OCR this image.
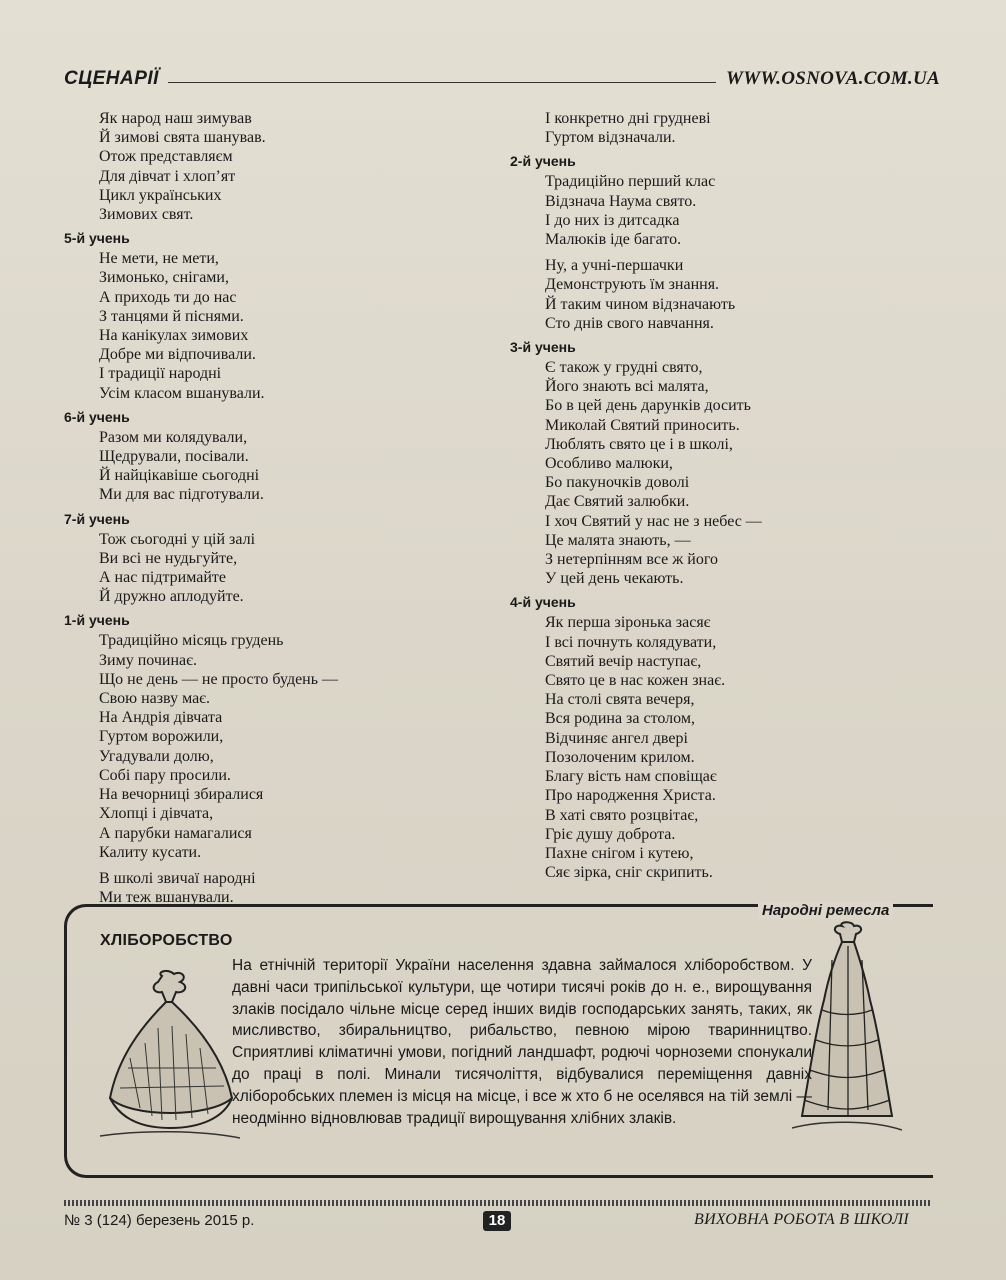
СЦЕНАРІЇ	WWW.OSNOVA.COM.UA
Як народ наш зимував
Й зимові свята шанував.
Отож представляєм
Для дівчат і хлоп’ят
Цикл українських
Зимових свят.
5-й учень
Не мети, не мети,
Зимонько, снігами,
А приходь ти до нас
З танцями й піснями.
На канікулах зимових
Добре ми відпочивали.
І традиції народні
Усім класом вшанували.
6-й учень
Разом ми колядували,
Щедрували, посівали.
Й найцікавіше сьогодні
Ми для вас підготували.
7-й учень
Тож сьогодні у цій залі
Ви всі не нудьгуйте,
А нас підтримайте
Й дружно аплодуйте.
1-й учень
Традиційно місяць грудень
Зиму починає.
Що не день — не просто будень —
Свою назву має.
На Андрія дівчата
Гуртом ворожили,
Угадували долю,
Собі пару просили.
На вечорниці збиралися
Хлопці і дівчата,
А парубки намагалися
Калиту кусати.
В школі звичаї народні
Ми теж вшанували.
І конкретно дні грудневі
Гуртом відзначали.
2-й учень
Традиційно перший клас
Відзнача Наума свято.
І до них із дитсадка
Малюків іде багато.
Ну, а учні-першачки
Демонструють їм знання.
Й таким чином відзначають
Сто днів свого навчання.
3-й учень
Є також у грудні свято,
Його знають всі малята,
Бо в цей день дарунків досить
Миколай Святий приносить.
Люблять свято це і в школі,
Особливо малюки,
Бо пакуночків доволі
Дає Святий залюбки.
І хоч Святий у нас не з небес —
Це малята знають, —
З нетерпінням все ж його
У цей день чекають.
4-й учень
Як перша зіронька засяє
І всі почнуть колядувати,
Святий вечір наступає,
Свято це в нас кожен знає.
На столі свята вечеря,
Вся родина за столом,
Відчиняє ангел двері
Позолоченим крилом.
Благу вість нам сповіщає
Про народження Христа.
В хаті свято розцвітає,
Гріє душу доброта.
Пахне снігом і кутею,
Сяє зірка, сніг скрипить.
Народні ремесла
ХЛІБОРОБСТВО
На етнічній території України населення здавна займалося хліборобством. У давні часи трипільської культури, ще чотири тисячі років до н. е., вирощування злаків посідало чільне місце серед інших видів господарських занять, таких, як мисливство, збиральництво, рибальство, певною мірою тваринництво. Сприятливі кліматичні умови, погідний ландшафт, родючі чорноземи спонукали до праці в полі. Минали тисячоліття, відбувалися переміщення давніх хліборобських племен із місця на місце, і все ж хто б не оселявся на тій землі — неодмінно відновлював традиції вирощування хлібних злаків.
№ 3 (124) березень 2015 р.	18	ВИХОВНА РОБОТА В ШКОЛІ
